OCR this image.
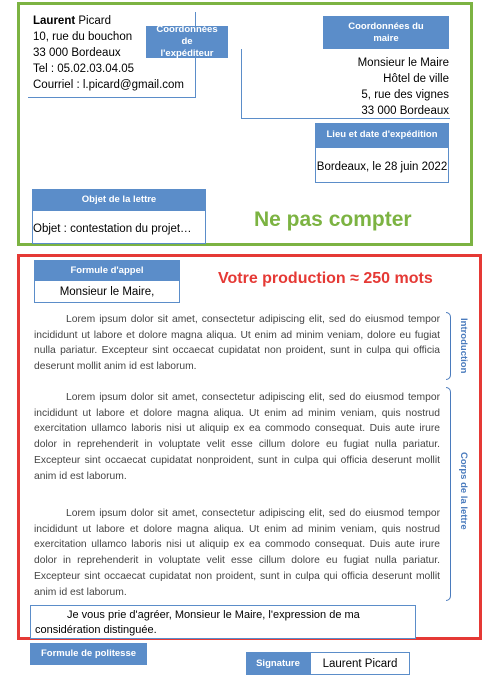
Laurent Picard
10, rue du bouchon
33 000 Bordeaux
Tel : 05.02.03.04.05
Courriel : l.picard@gmail.com
Coordonnées de l'expéditeur
Coordonnées du maire
Monsieur le Maire
Hôtel de ville
5, rue des vignes
33 000 Bordeaux
Lieu et date d'expédition
Bordeaux, le 28 juin 2022
Objet de la lettre
Objet : contestation du projet…	Ne pas compter
Formule d'appel
Monsieur le Maire,
Votre production ≈ 250 mots
Lorem ipsum dolor sit amet, consectetur adipiscing elit, sed do eiusmod tempor incididunt ut labore et dolore magna aliqua. Ut enim ad minim veniam, dolore eu fugiat nulla pariatur. Excepteur sint occaecat cupidatat non proident, sunt in culpa qui officia deserunt mollit anim id est laborum.
Lorem ipsum dolor sit amet, consectetur adipiscing elit, sed do eiusmod tempor incididunt ut labore et dolore magna aliqua. Ut enim ad minim veniam, quis nostrud exercitation ullamco laboris nisi ut aliquip ex ea commodo consequat. Duis aute irure dolor in reprehenderit in voluptate velit esse cillum dolore eu fugiat nulla pariatur. Excepteur sint occaecat cupidatat nonproident, sunt in culpa qui officia deserunt mollit anim id est laborum.
Lorem ipsum dolor sit amet, consectetur adipiscing elit, sed do eiusmod tempor incididunt ut labore et dolore magna aliqua. Ut enim ad minim veniam, quis nostrud exercitation ullamco laboris nisi ut aliquip ex ea commodo consequat. Duis aute irure dolor in reprehenderit in voluptate velit esse cillum dolore eu fugiat nulla pariatur. Excepteur sint occaecat cupidatat non proident, sunt in culpa qui officia deserunt mollit anim id est laborum.
Introduction
Corps de la lettre
Je vous prie d'agréer, Monsieur le Maire, l'expression de ma considération distinguée.
Formule de politesse
Signature	Laurent Picard
